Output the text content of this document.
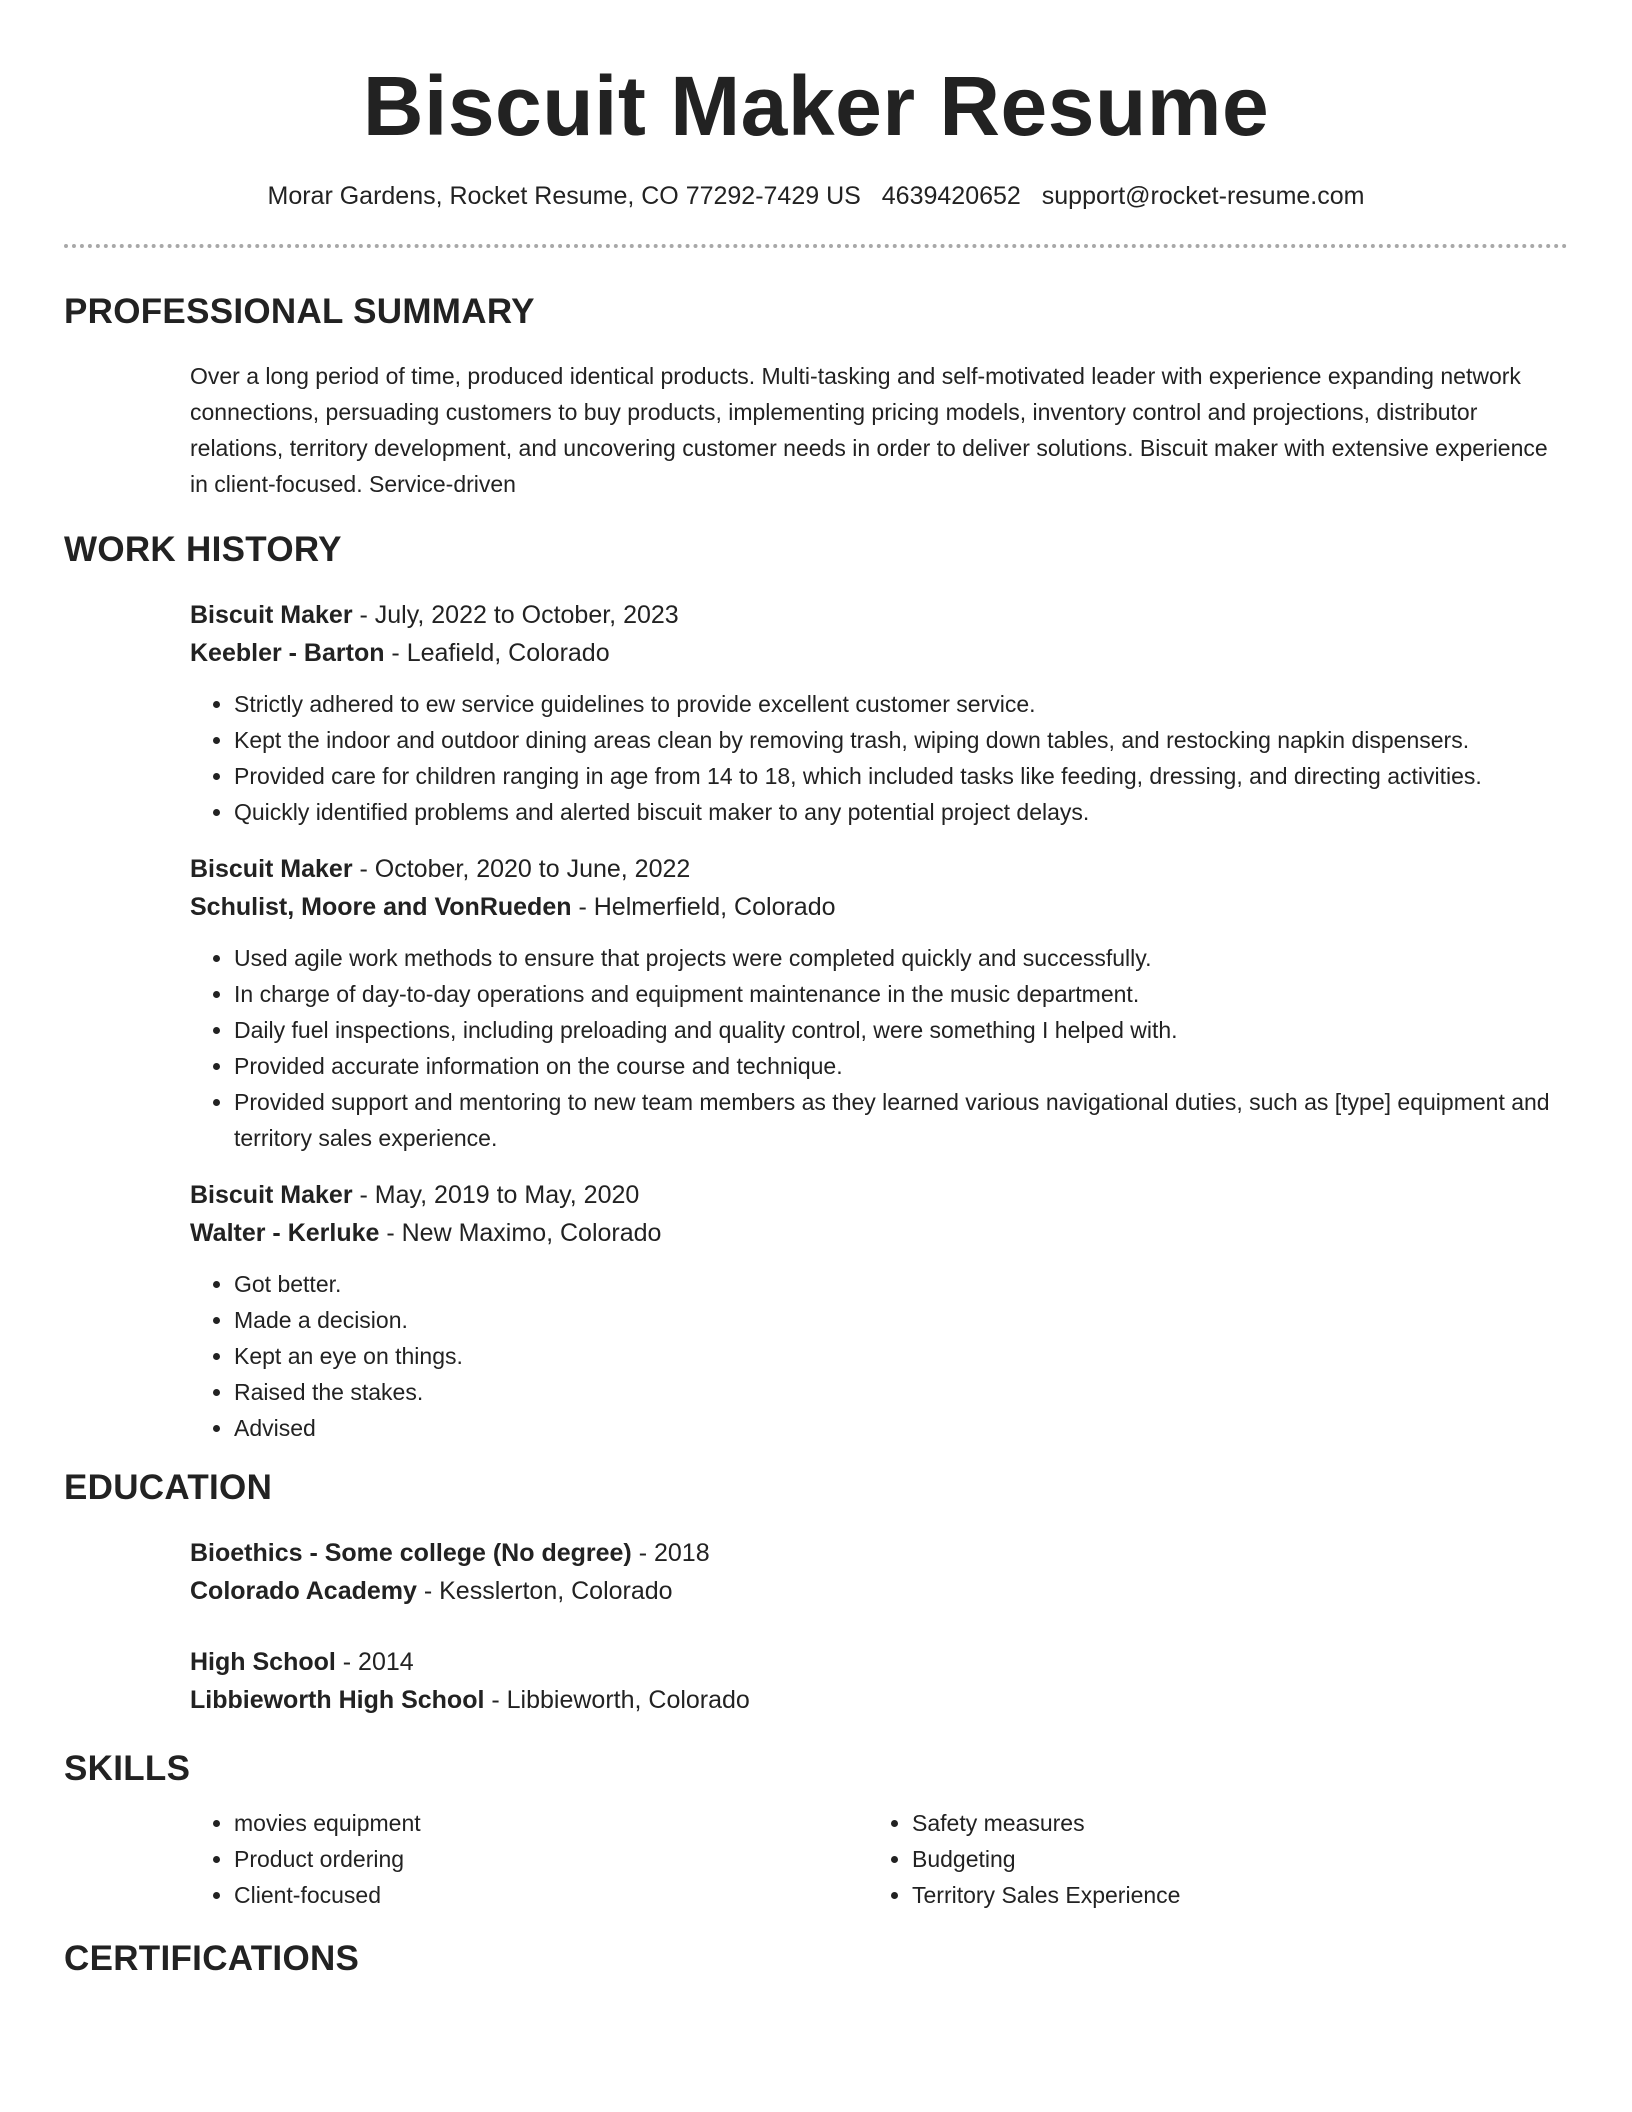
Biscuit Maker Resume
Morar Gardens, Rocket Resume, CO 77292-7429 US 4639420652 support@rocket-resume.com
PROFESSIONAL SUMMARY
Over a long period of time, produced identical products. Multi-tasking and self-motivated leader with experience expanding network connections, persuading customers to buy products, implementing pricing models, inventory control and projections, distributor relations, territory development, and uncovering customer needs in order to deliver solutions. Biscuit maker with extensive experience in client-focused. Service-driven
WORK HISTORY
Biscuit Maker - July, 2022 to October, 2023
Keebler - Barton - Leafield, Colorado
• Strictly adhered to ew service guidelines to provide excellent customer service.
• Kept the indoor and outdoor dining areas clean by removing trash, wiping down tables, and restocking napkin dispensers.
• Provided care for children ranging in age from 14 to 18, which included tasks like feeding, dressing, and directing activities.
• Quickly identified problems and alerted biscuit maker to any potential project delays.
Biscuit Maker - October, 2020 to June, 2022
Schulist, Moore and VonRueden - Helmerfield, Colorado
• Used agile work methods to ensure that projects were completed quickly and successfully.
• In charge of day-to-day operations and equipment maintenance in the music department.
• Daily fuel inspections, including preloading and quality control, were something I helped with.
• Provided accurate information on the course and technique.
• Provided support and mentoring to new team members as they learned various navigational duties, such as [type] equipment and territory sales experience.
Biscuit Maker - May, 2019 to May, 2020
Walter - Kerluke - New Maximo, Colorado
• Got better.
• Made a decision.
• Kept an eye on things.
• Raised the stakes.
• Advised
EDUCATION
Bioethics - Some college (No degree) - 2018
Colorado Academy - Kesslerton, Colorado
High School - 2014
Libbieworth High School - Libbieworth, Colorado
SKILLS
• movies equipment
• Product ordering
• Client-focused
• Safety measures
• Budgeting
• Territory Sales Experience
CERTIFICATIONS
